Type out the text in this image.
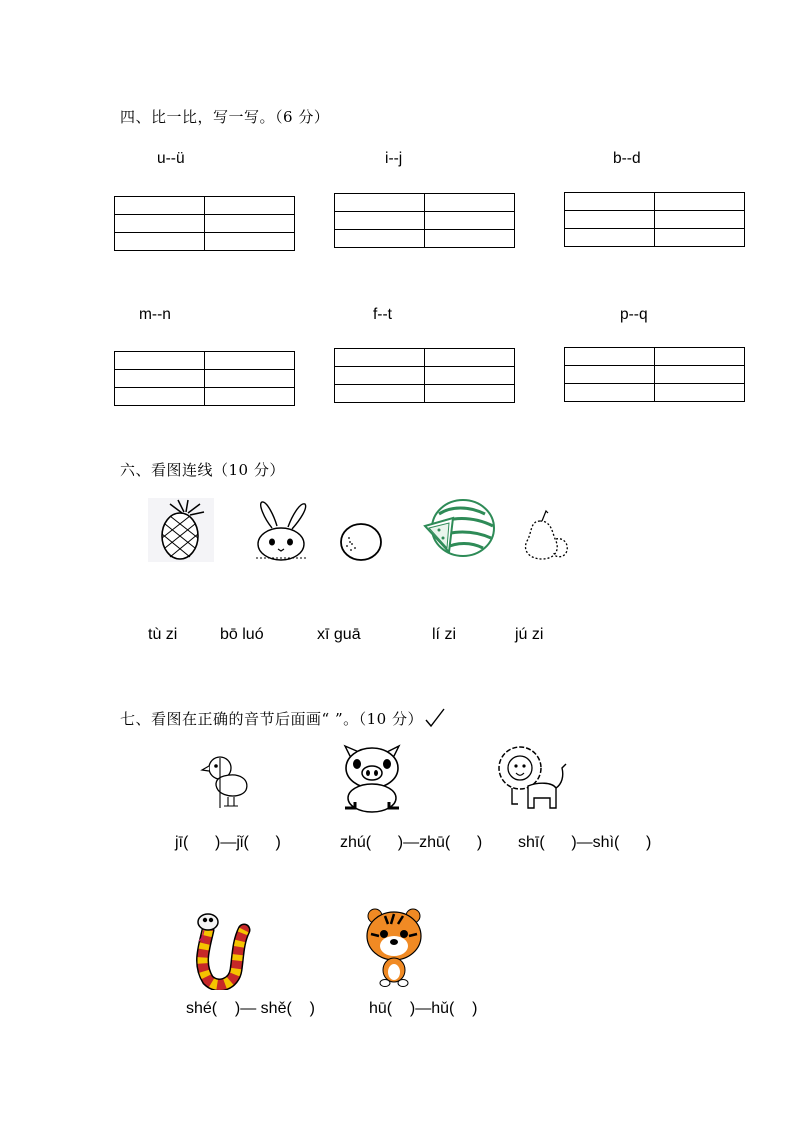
四、比一比，写一写。（6 分）
u--ü	i--j	b--d

m--n	f--t	p--q

六、看图连线（10 分）
tù zi	bō luó	xī guā	lí zi	jú zi
七、看图在正确的音节后面画“ ”。（10 分）
jī(      )—jǐ(      )	zhú(      )—zhū(      ) shī(      )—shì(      )
shé(    )— shě(    )	hū(    )—hǔ(    )
